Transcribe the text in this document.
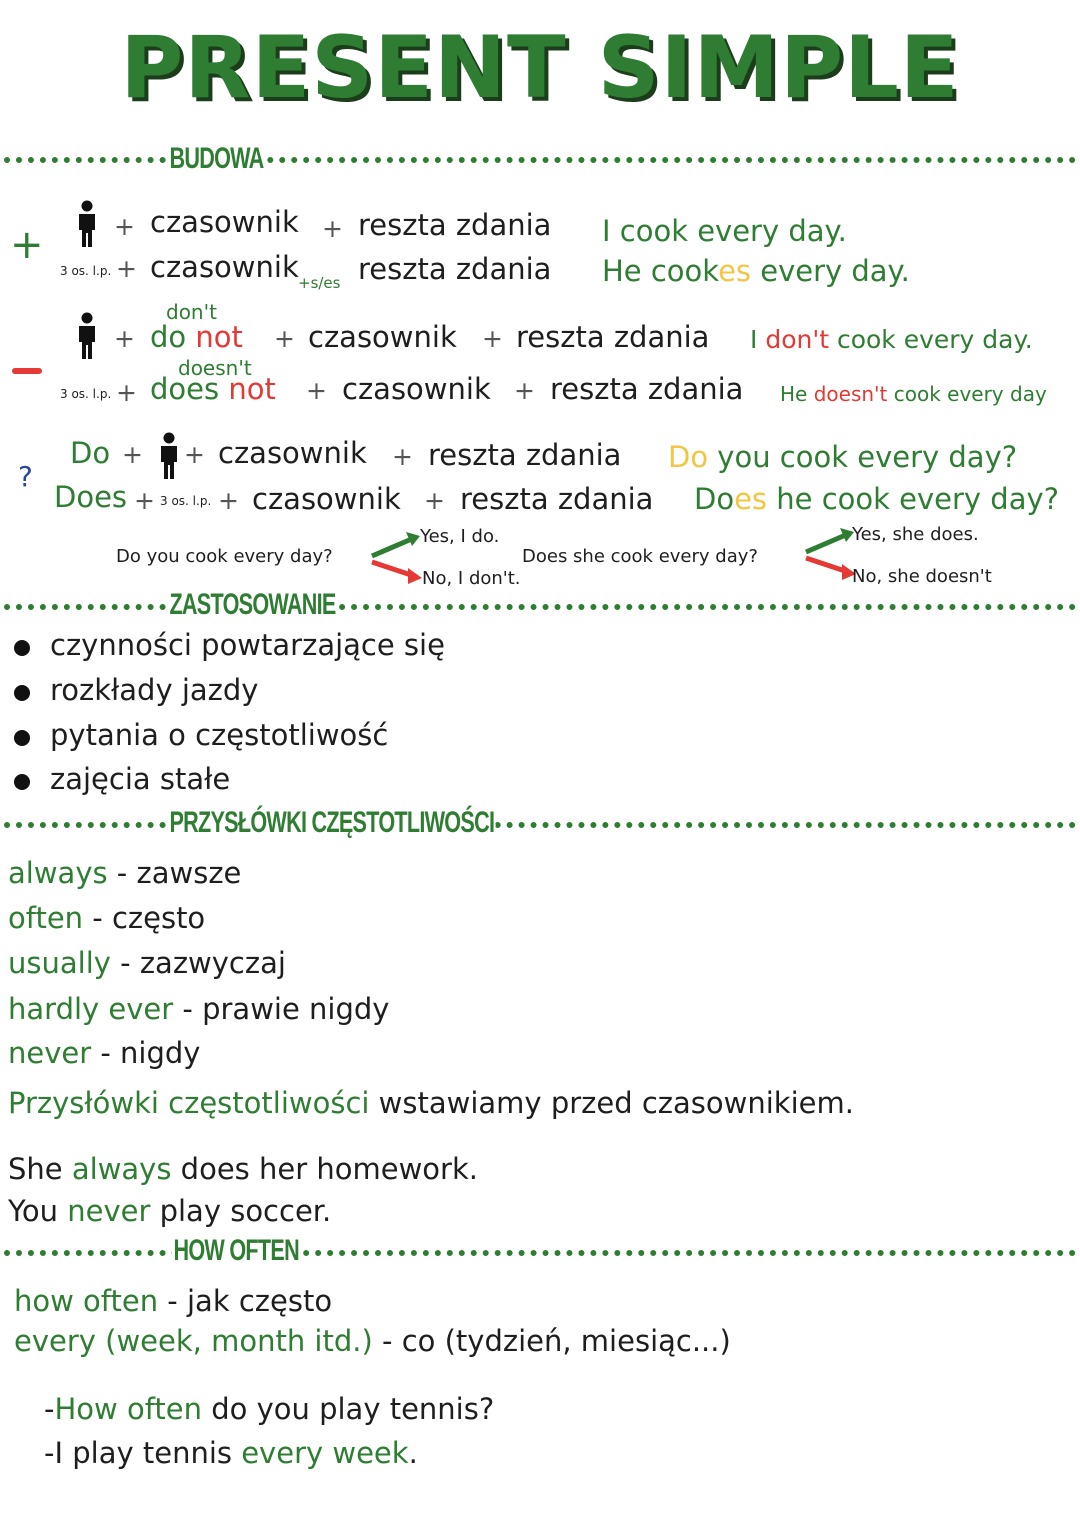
PRESENT SIMPLE
BUDOWA
+
?
+ czasownik + reszta zdania I cook every day.
3 os. l.p. + czasownik +s/es reszta zdania He cookes every day.
don't
+ do not + czasownik + reszta zdania I don't cook every day.
doesn't
3 os. l.p. + does not + czasownik + reszta zdania He doesn't cook every day
Do + + czasownik + reszta zdania Do you cook every day?
Does + 3 os. l.p. + czasownik + reszta zdania Does he cook every day?
Do you cook every day?
Yes, I do.
No, I don't.
Does she cook every day?
Yes, she does.
No, she doesn't
ZASTOSOWANIE
czynności powtarzające się
rozkłady jazdy
pytania o częstotliwość
zajęcia stałe
PRZYSŁÓWKI CZĘSTOTLIWOŚCI
always - zawsze
often - często
usually - zazwyczaj
hardly ever - prawie nigdy
never - nigdy
Przysłówki częstotliwości wstawiamy przed czasownikiem.
She always does her homework.
You never play soccer.
HOW OFTEN
how often - jak często
every (week, month itd.) - co (tydzień, miesiąc...)
-How often do you play tennis?
-I play tennis every week.
